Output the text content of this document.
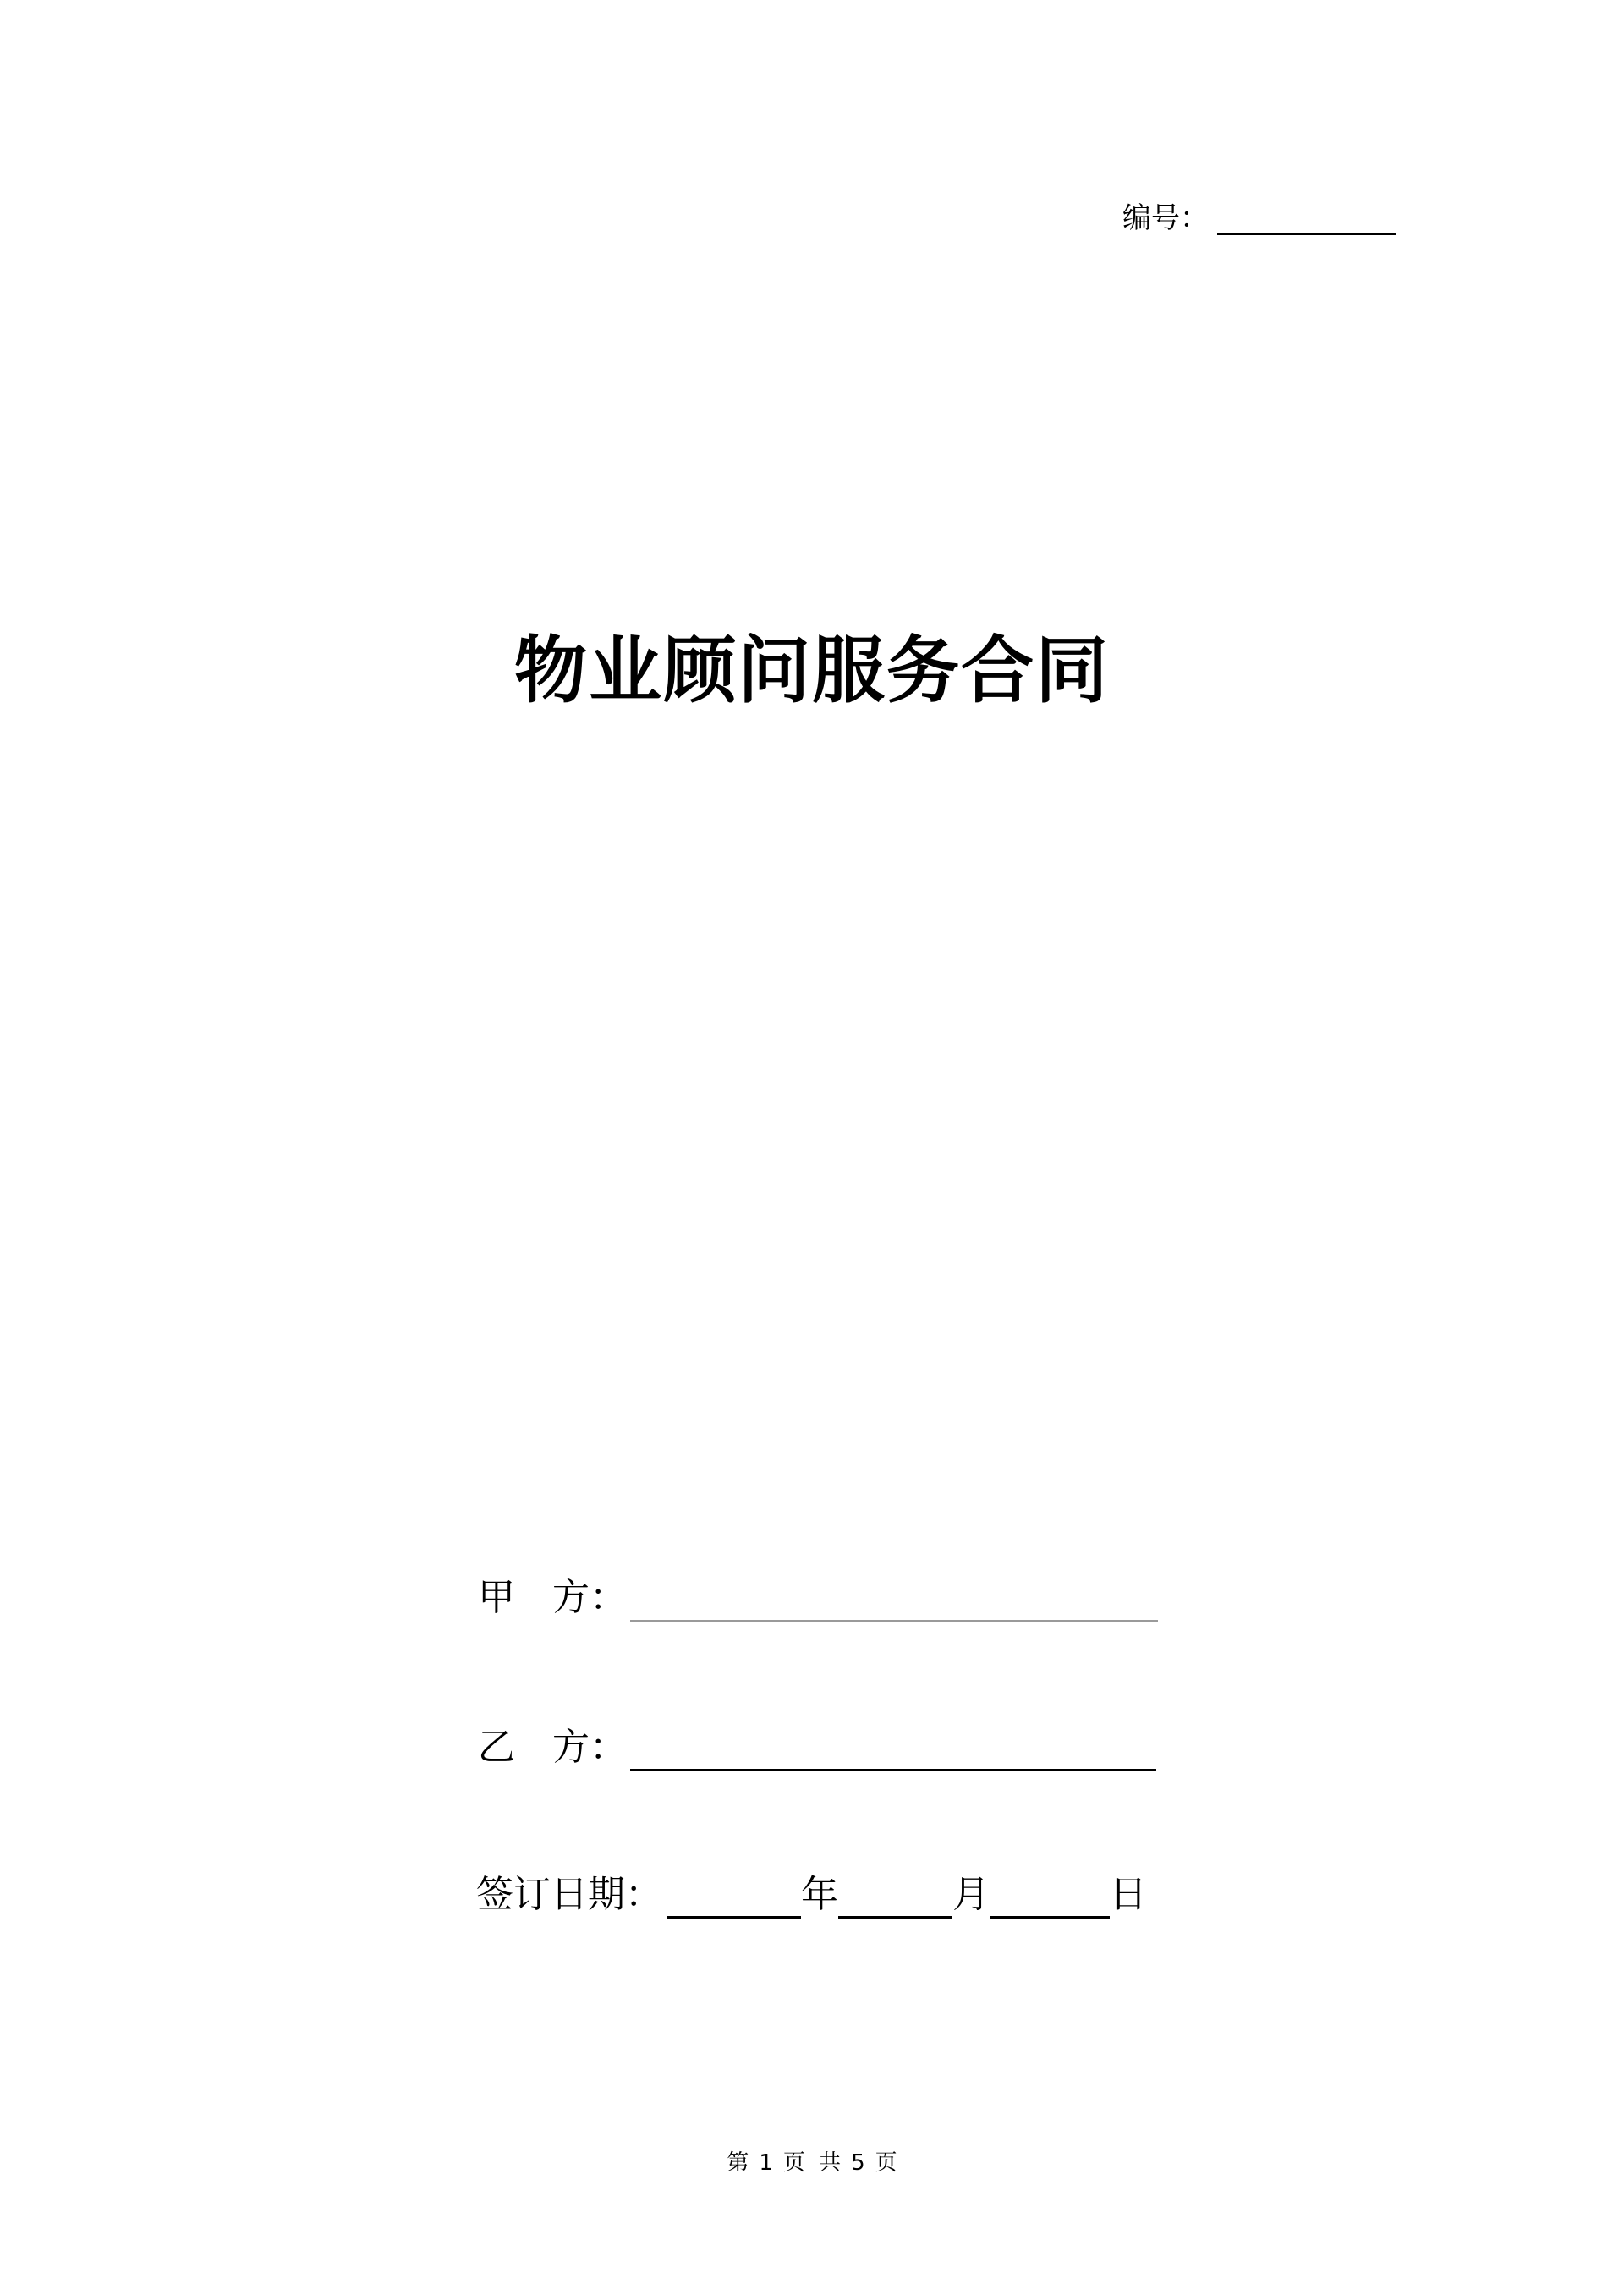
编号：
物业顾问服务合同
甲 方：
乙 方：
签订日期：	年	月	日
第 1 页 共 5 页
